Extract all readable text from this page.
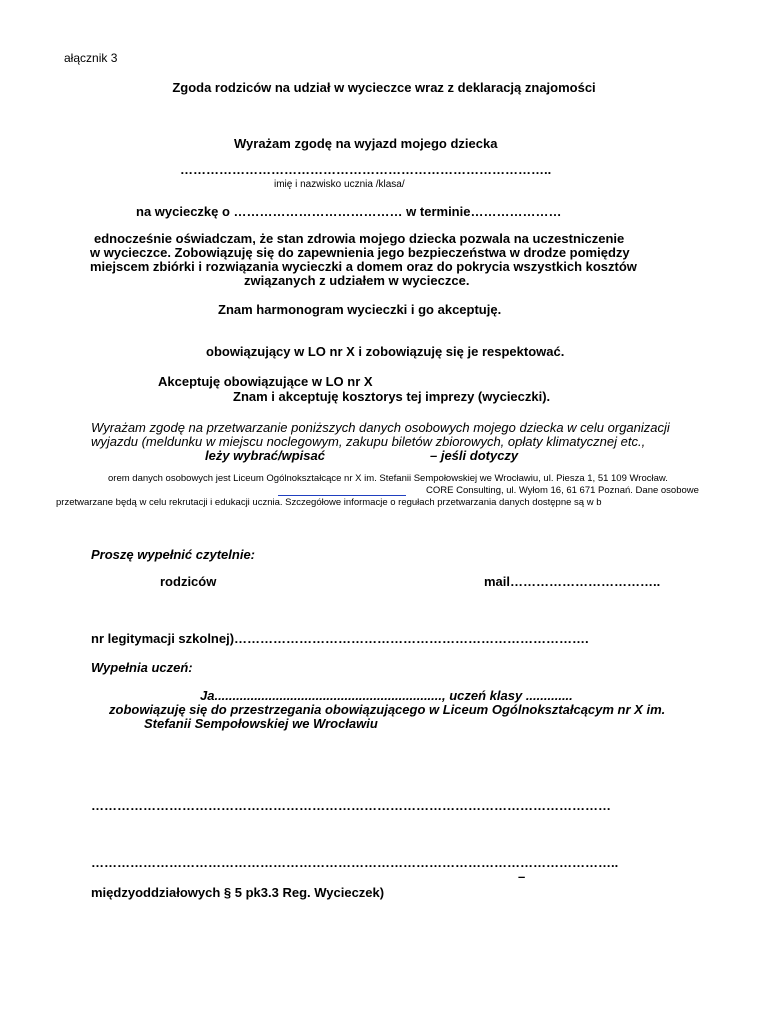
ałącznik 3
Zgoda rodziców na udział w wycieczce wraz z deklaracją znajomości
Wyrażam zgodę na wyjazd mojego dziecka
…………………………………………………………………………..
imię i nazwisko ucznia /klasa/
na wycieczkę o ………………………………… w terminie…………………
ednocześnie oświadczam, że stan zdrowia mojego dziecka pozwala na uczestniczenie
w wycieczce. Zobowiązuję się do zapewnienia jego bezpieczeństwa w drodze pomiędzy
miejscem zbiórki i rozwiązania wycieczki a domem oraz do pokrycia wszystkich kosztów
związanych z udziałem w wycieczce.
Znam harmonogram wycieczki i go akceptuję.
obowiązujący w LO nr X i zobowiązuję się je respektować.
Akceptuję obowiązujące w LO nr X
Znam i akceptuję kosztorys tej imprezy (wycieczki).
Wyrażam zgodę na przetwarzanie poniższych danych osobowych mojego dziecka w celu organizacji
wyjazdu (meldunku w miejscu noclegowym, zakupu biletów zbiorowych, opłaty klimatycznej etc.,
leży wybrać/wpisać	– jeśli dotyczy
orem danych osobowych jest Liceum Ogólnokształcące nr X im. Stefanii Sempołowskiej we Wrocławiu, ul. Piesza 1, 51 109 Wrocław.
CORE Consulting, ul. Wyłom 16, 61 671 Poznań. Dane osobowe
przetwarzane będą w celu rekrutacji i edukacji ucznia. Szczegółowe informacje o regułach przetwarzania danych dostępne są w b
Proszę wypełnić czytelnie:
rodziców	mail……………………………..
nr legitymacji szkolnej)……………………………………………………………………….
Wypełnia uczeń:
Ja..............................................................., uczeń klasy .............
zobowiązuję się do przestrzegania obowiązującego w Liceum Ogólnokształcącym nr X im.
Stefanii Sempołowskiej we Wrocławiu
…………………………………………………………………………………………………………
…………………………………………………………………………………………………………..
–
międzyoddziałowych § 5 pk3.3 Reg. Wycieczek)
